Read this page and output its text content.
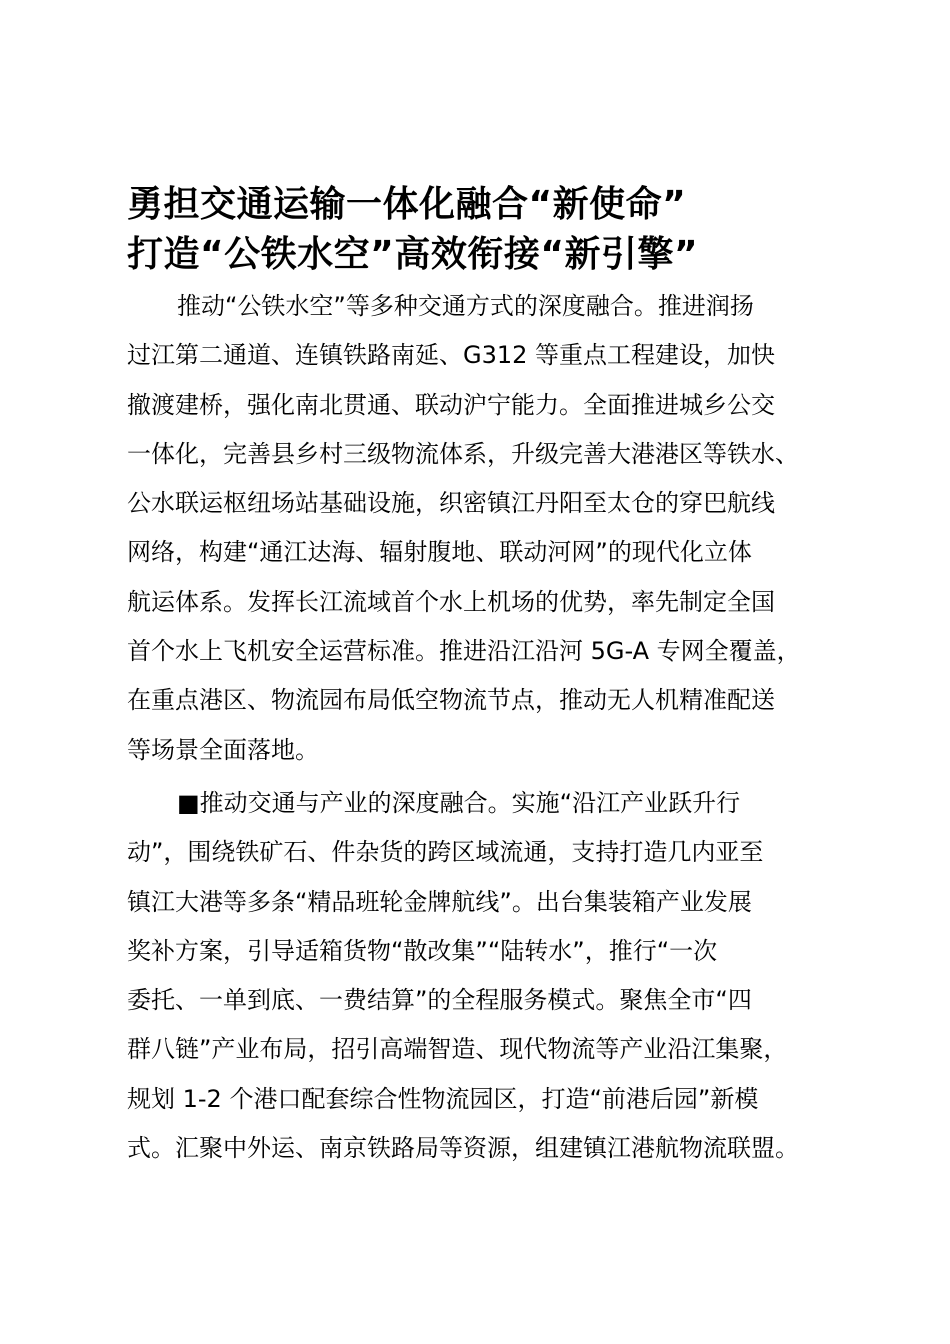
勇担交通运输一体化融合“新使命”
打造“公铁水空”高效衔接“新引擎”
推动“公铁水空”等多种交通方式的深度融合。推进润扬
过江第二通道、连镇铁路南延、G312 等重点工程建设，加快
撤渡建桥，强化南北贯通、联动沪宁能力。全面推进城乡公交
一体化，完善县乡村三级物流体系，升级完善大港港区等铁水、
公水联运枢纽场站基础设施，织密镇江丹阳至太仓的穿巴航线
网络，构建“通江达海、辐射腹地、联动河网”的现代化立体
航运体系。发挥长江流域首个水上机场的优势，率先制定全国
首个水上飞机安全运营标准。推进沿江沿河 5G-A 专网全覆盖，
在重点港区、物流园布局低空物流节点，推动无人机精准配送
等场景全面落地。
■推动交通与产业的深度融合。实施“沿江产业跃升行
动”，围绕铁矿石、件杂货的跨区域流通，支持打造几内亚至
镇江大港等多条“精品班轮金牌航线”。出台集装箱产业发展
奖补方案，引导适箱货物“散改集”“陆转水”，推行“一次
委托、一单到底、一费结算”的全程服务模式。聚焦全市“四
群八链”产业布局，招引高端智造、现代物流等产业沿江集聚，
规划 1-2 个港口配套综合性物流园区，打造“前港后园”新模
式。汇聚中外运、南京铁路局等资源，组建镇江港航物流联盟。
